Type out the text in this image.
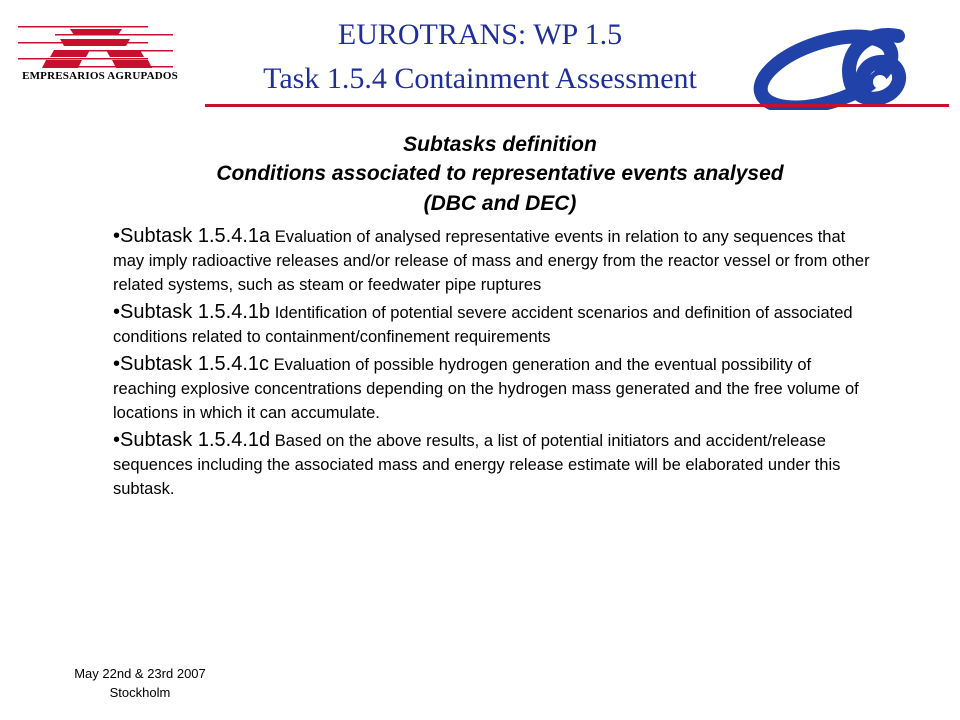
EMPRESARIOS AGRUPADOS
EUROTRANS: WP 1.5
Task 1.5.4 Containment Assessment
Subtasks definition
Conditions associated to representative events analysed
(DBC and DEC)

•Subtask 1.5.4.1a Evaluation of analysed representative events in relation to any sequences that may imply radioactive releases and/or release of mass and energy from the reactor vessel or from other related systems, such as steam or feedwater pipe ruptures

•Subtask 1.5.4.1b Identification of potential severe accident scenarios and definition of associated conditions related to containment/confinement requirements

•Subtask 1.5.4.1c Evaluation of possible hydrogen generation and the eventual possibility of reaching explosive concentrations depending on the hydrogen mass generated and the free volume of locations in which it can accumulate.

•Subtask 1.5.4.1d Based on the above results, a list of potential initiators and accident/release sequences including the associated mass and energy release estimate will be elaborated under this subtask.

May 22nd & 23rd 2007
Stockholm
